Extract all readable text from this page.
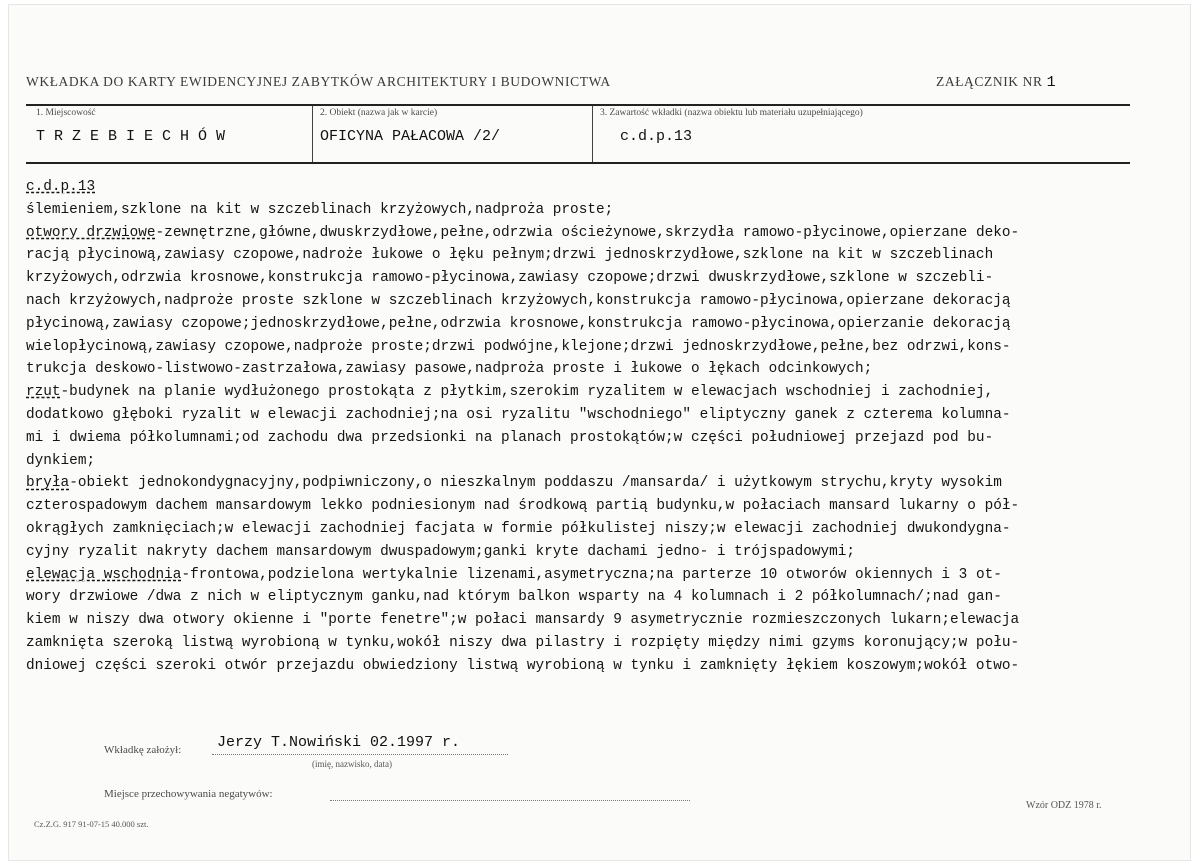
WKŁADKA DO KARTY EWIDENCYJNEJ ZABYTKÓW ARCHITEKTURY I BUDOWNICTWA	ZAŁĄCZNIK NR 1
1. Miejscowość
TRZEBIECHÓW
2. Obiekt (nazwa jak w karcie)
OFICYNA PAŁACOWA /2/
3. Zawartość wkładki (nazwa obiektu lub materiału uzupełniającego)
c.d.p.13
c.d.p.13
ślemieniem,szklone na kit w szczeblinach krzyżowych,nadproża proste;
otwory drzwiowe-zewnętrzne,główne,dwuskrzydłowe,pełne,odrzwia ościeżynowe,skrzydła ramowo-płycinowe,opierzane deko-
racją płycinową,zawiasy czopowe,nadroże łukowe o łęku pełnym;drzwi jednoskrzydłowe,szklone na kit w szczeblinach
krzyżowych,odrzwia krosnowe,konstrukcja ramowo-płycinowa,zawiasy czopowe;drzwi dwuskrzydłowe,szklone w szczebli-
nach krzyżowych,nadproże proste szklone w szczeblinach krzyżowych,konstrukcja ramowo-płycinowa,opierzane dekoracją
płycinową,zawiasy czopowe;jednoskrzydłowe,pełne,odrzwia krosnowe,konstrukcja ramowo-płycinowa,opierzanie dekoracją
wielopłycinową,zawiasy czopowe,nadproże proste;drzwi podwójne,klejone;drzwi jednoskrzydłowe,pełne,bez odrzwi,kons-
trukcja deskowo-listwowo-zastrzałowa,zawiasy pasowe,nadproża proste i łukowe o łękach odcinkowych;
rzut-budynek na planie wydłużonego prostokąta z płytkim,szerokim ryzalitem w elewacjach wschodniej i zachodniej,
dodatkowo głęboki ryzalit w elewacji zachodniej;na osi ryzalitu "wschodniego" eliptyczny ganek z czterema kolumna-
mi i dwiema półkolumnami;od zachodu dwa przedsionki na planach prostokątów;w części południowej przejazd pod bu-
dynkiem;
bryła-obiekt jednokondygnacyjny,podpiwniczony,o nieszkalnym poddaszu /mansarda/ i użytkowym strychu,kryty wysokim
czterospadowym dachem mansardowym lekko podniesionym nad środkową partią budynku,w połaciach mansard lukarny o pół-
okrągłych zamknięciach;w elewacji zachodniej facjata w formie półkulistej niszy;w elewacji zachodniej dwukondygna-
cyjny ryzalit nakryty dachem mansardowym dwuspadowym;ganki kryte dachami jedno- i trójspadowymi;
elewacja wschodnia-frontowa,podzielona wertykalnie lizenami,asymetryczna;na parterze 10 otworów okiennych i 3 ot-
wory drzwiowe /dwa z nich w eliptycznym ganku,nad którym balkon wsparty na 4 kolumnach i 2 półkolumnach/;nad gan-
kiem w niszy dwa otwory okienne i "porte fenetre";w połaci mansardy 9 asymetrycznie rozmieszczonych lukarn;elewacja
zamknięta szeroką listwą wyrobioną w tynku,wokół niszy dwa pilastry i rozpięty między nimi gzyms koronujący;w połu-
dniowej części szeroki otwór przejazdu obwiedziony listwą wyrobioną w tynku i zamknięty łękiem koszowym;wokół otwo-
Wkładkę założył: Jerzy T.Nowiński 02.1997 r.
(imię, nazwisko, data)
Miejsce przechowywania negatywów:
Wzór ODZ 1978 r.
Cz.Z.G. 917 91-07-15 40.000 szt.
